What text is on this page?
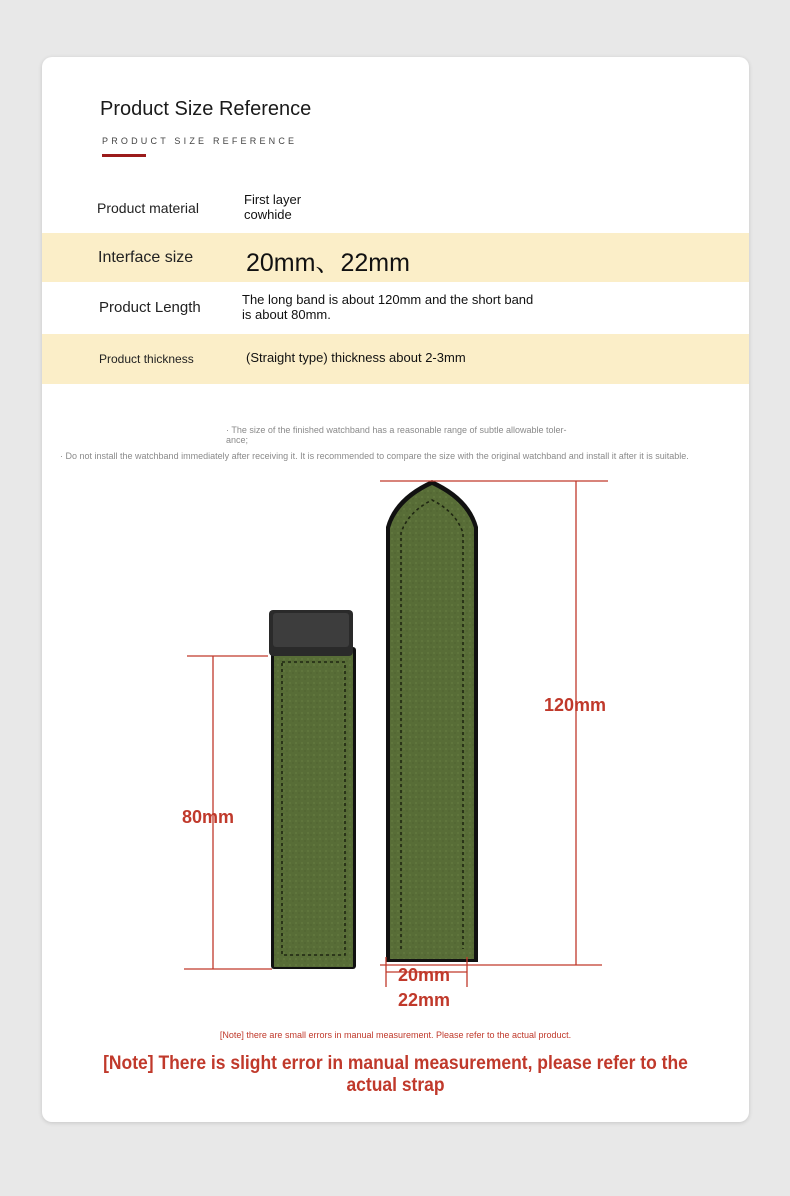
Product Size Reference
PRODUCT SIZE REFERENCE
Product material
First layer
cowhide
Interface size 20mm、22mm
Product Length	The long band is about 120mm and the short band is about 80mm.
Product thickness	(Straight type) thickness about 2-3mm
· The size of the finished watchband has a reasonable range of subtle allowable toler-
ance;
· Do not install the watchband immediately after receiving it. It is recommended to compare the size with the original watchband and install it after it is suitable.
120mm
80mm
20mm
22mm
[Note] there are small errors in manual measurement. Please refer to the actual product.
[Note] There is slight error in manual measurement, please refer to the actual strap
